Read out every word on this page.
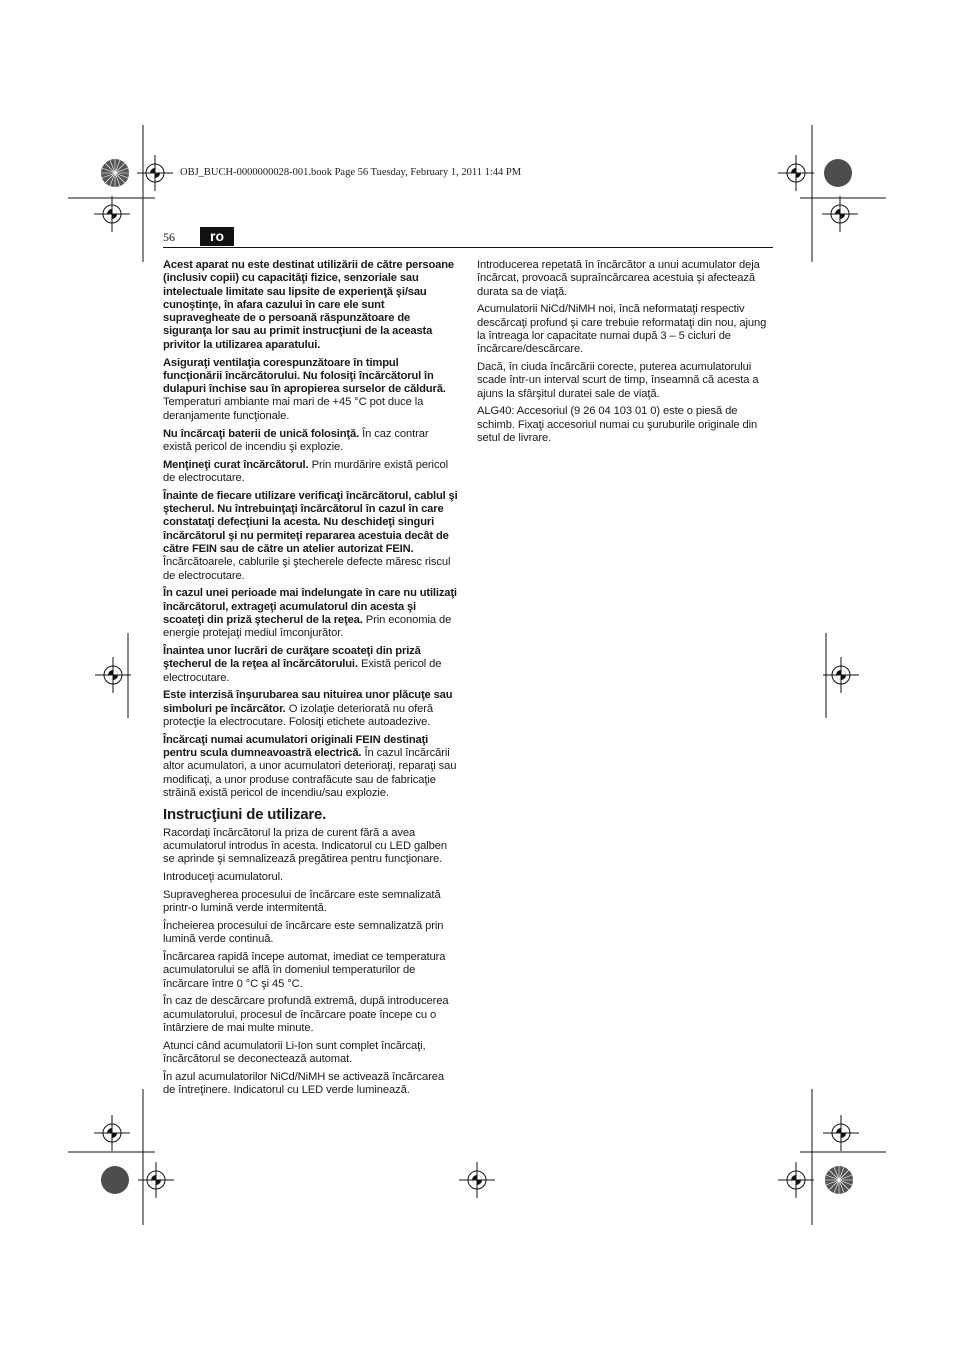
OBJ_BUCH-0000000028-001.book Page 56 Tuesday, February 1, 2011 1:44 PM
56	ro

Acest aparat nu este destinat utilizării de către persoane (inclusiv copii) cu capacităţi fizice, senzoriale sau intelectuale limitate sau lipsite de experienţă şi/sau cunoştinţe, în afara cazului în care ele sunt supravegheate de o persoană răspunzătoare de siguranţa lor sau au primit instrucţiuni de la aceasta privitor la utilizarea aparatului.

Asiguraţi ventilaţia corespunzătoare în timpul funcţionării încărcătorului. Nu folosiţi încărcătorul în dulapuri închise sau în apropierea surselor de căldură. Temperaturi ambiante mai mari de +45 °C pot duce la deranjamente funcţionale.

Nu încărcaţi baterii de unică folosinţă. În caz contrar există pericol de incendiu şi explozie.

Menţineţi curat încărcătorul. Prin murdărire există pericol de electrocutare.

Înainte de fiecare utilizare verificaţi încărcătorul, cablul şi ştecherul. Nu întrebuinţaţi încărcătorul în cazul în care constataţi defecţiuni la acesta. Nu deschideţi singuri încărcătorul şi nu permiteţi repararea acestuia decât de către FEIN sau de către un atelier autorizat FEIN. Încărcătoarele, cablurile şi ştecherele defecte măresc riscul de electrocutare.

În cazul unei perioade mai îndelungate în care nu utilizaţi încărcătorul, extrageţi acumulatorul din acesta şi scoateţi din priză ştecherul de la reţea. Prin economia de energie protejaţi mediul îmconjurător.

Înaintea unor lucrări de curăţare scoateţi din priză ştecherul de la reţea al încărcătorului. Există pericol de electrocutare.

Este interzisă înşurubarea sau nituirea unor plăcuţe sau simboluri pe încărcător. O izolaţie deteriorată nu oferă protecţie la electrocutare. Folosiţi etichete autoadezive.

Încărcaţi numai acumulatori originali FEIN destinaţi pentru scula dumneavoastră electrică. În cazul încărcării altor acumulatori, a unor acumulatori deterioraţi, reparaţi sau modificaţi, a unor produse contrafăcute sau de fabricaţie străină există pericol de incendiu/sau explozie.

Instrucţiuni de utilizare.

Racordaţi încărcătorul la priza de curent fără a avea acumulatorul introdus în acesta. Indicatorul cu LED galben se aprinde şi semnalizează pregătirea pentru funcţionare.

Introduceţi acumulatorul.

Supravegherea procesului de încărcare este semnalizată printr-o lumină verde intermitentă.

Încheierea procesului de încărcare este semnalizatză prin lumină verde continuă.

Încărcarea rapidă începe automat, imediat ce temperatura acumulatorului se află în domeniul temperaturilor de încărcare între 0 °C şi 45 °C.

În caz de descărcare profundă extremă, după introducerea acumulatorului, procesul de încărcare poate începe cu o întârziere de mai multe minute.

Atunci când acumulatorii Li-Ion sunt complet încărcaţi, încărcătorul se deconectează automat.

În azul acumulatorilor NiCd/NiMH se activează încărcarea de întreţinere. Indicatorul cu LED verde luminează.

Introducerea repetată în încărcător a unui acumulator deja încărcat, provoacă supraîncărcarea acestuia şi afectează durata sa de viaţă.

Acumulatorii NiCd/NiMH noi, încă neformataţi respectiv descărcaţi profund şi care trebuie reformataţi din nou, ajung la întreaga lor capacitate numai după 3 – 5 cicluri de încărcare/descărcare.

Dacă, în ciuda încărcării corecte, puterea acumulatorului scade într-un interval scurt de timp, înseamnă că acesta a ajuns la sfârşitul duratei sale de viaţă.

ALG40: Accesoriul (9 26 04 103 01 0) este o piesă de schimb. Fixaţi accesoriul numai cu şuruburile originale din setul de livrare.
